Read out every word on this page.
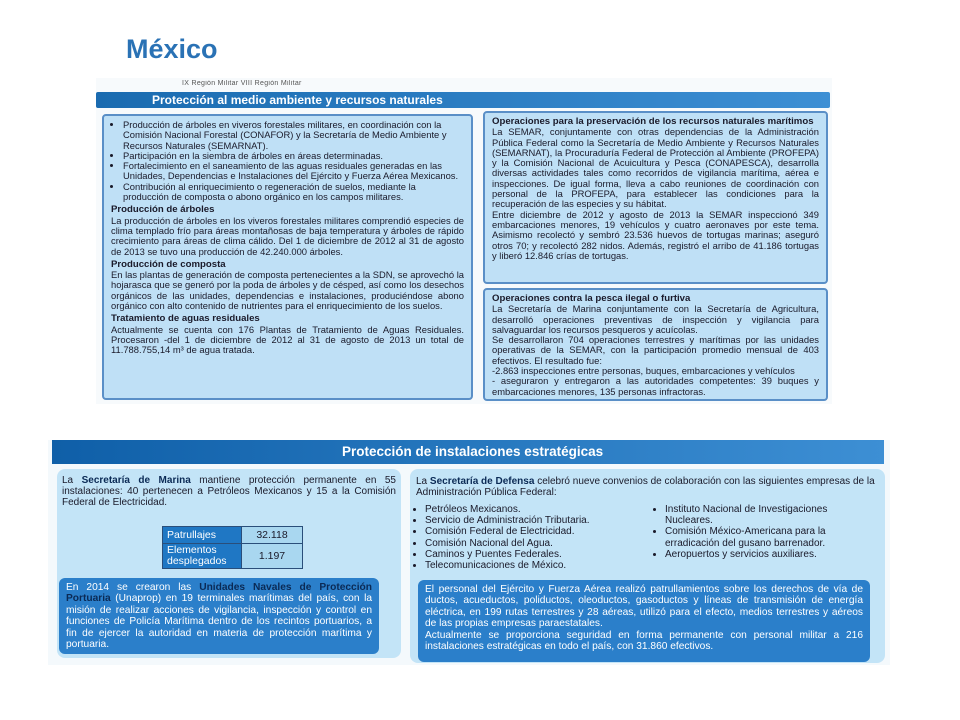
México
IX Región Militar VIII Región Militar
Protección al medio ambiente y recursos naturales
• Producción de árboles en viveros forestales militares, en coordinación con la Comisión Nacional Forestal (CONAFOR) y la Secretaría de Medio Ambiente y Recursos Naturales (SEMARNAT).
• Participación en la siembra de árboles en áreas determinadas.
• Fortalecimiento en el saneamiento de las aguas residuales generadas en las Unidades, Dependencias e Instalaciones del Ejército y Fuerza Aérea Mexicanos.
• Contribución al enriquecimiento o regeneración de suelos, mediante la producción de composta o abono orgánico en los campos militares.
Producción de árboles

La producción de árboles en los viveros forestales militares comprendió especies de clima templado frío para áreas montañosas de baja temperatura y árboles de rápido crecimiento para áreas de clima cálido. Del 1 de diciembre de 2012 al 31 de agosto de 2013 se tuvo una producción de 42.240.000 árboles.

Producción de composta

En las plantas de generación de composta pertenecientes a la SDN, se aprovechó la hojarasca que se generó por la poda de árboles y de césped, así como los desechos orgánicos de las unidades, dependencias e instalaciones, produciéndose abono orgánico con alto contenido de nutrientes para el enriquecimiento de los suelos.

Tratamiento de aguas residuales

Actualmente se cuenta con 176 Plantas de Tratamiento de Aguas Residuales. Procesaron -del 1 de diciembre de 2012 al 31 de agosto de 2013 un total de 11.788.755,14 m³ de agua tratada.

Operaciones para la preservación de los recursos naturales marítimos

La SEMAR, conjuntamente con otras dependencias de la Administración Pública Federal como la Secretaría de Medio Ambiente y Recursos Naturales (SEMARNAT), la Procuraduría Federal de Protección al Ambiente (PROFEPA) y la Comisión Nacional de Acuicultura y Pesca (CONAPESCA), desarrolla diversas actividades tales como recorridos de vigilancia marítima, aérea e inspecciones. De igual forma, lleva a cabo reuniones de coordinación con personal de la PROFEPA, para establecer las condiciones para la recuperación de las especies y su hábitat.

Entre diciembre de 2012 y agosto de 2013 la SEMAR inspeccionó 349 embarcaciones menores, 19 vehículos y cuatro aeronaves por este tema. Asimismo recolectó y sembró 23.536 huevos de tortugas marinas; aseguró otros 70; y recolectó 282 nidos. Además, registró el arribo de 41.186 tortugas y liberó 12.846 crías de tortugas.

Operaciones contra la pesca ilegal o furtiva

La Secretaría de Marina conjuntamente con la Secretaría de Agricultura, desarrolló operaciones preventivas de inspección y vigilancia para salvaguardar los recursos pesqueros y acuícolas.

Se desarrollaron 704 operaciones terrestres y marítimas por las unidades operativas de la SEMAR, con la participación promedio mensual de 403 efectivos. El resultado fue:

-2.863 inspecciones entre personas, buques, embarcaciones y vehículos

- aseguraron y entregaron a las autoridades competentes: 39 buques y embarcaciones menores, 135 personas infractoras.

Protección de instalaciones estratégicas

La Secretaría de Marina mantiene protección permanente en 55 instalaciones: 40 pertenecen a Petróleos Mexicanos y 15 a la Comisión Federal de Electricidad.

Patrullajes	32.118
Elementos desplegados	1.197

En 2014 se crearon las Unidades Navales de Protección Portuaria (Unaprop) en 19 terminales marítimas del país, con la misión de realizar acciones de vigilancia, inspección y control en funciones de Policía Marítima dentro de los recintos portuarios, a fin de ejercer la autoridad en materia de protección marítima y portuaria.

La Secretaría de Defensa celebró nueve convenios de colaboración con las siguientes empresas de la Administración Pública Federal:

• Petróleos Mexicanos.
• Servicio de Administración Tributaria.
• Comisión Federal de Electricidad.
• Comisión Nacional del Agua.
• Caminos y Puentes Federales.
• Telecomunicaciones de México.
• Instituto Nacional de Investigaciones Nucleares.
• Comisión México-Americana para la erradicación del gusano barrenador.
• Aeropuertos y servicios auxiliares.

El personal del Ejército y Fuerza Aérea realizó patrullamientos sobre los derechos de vía de ductos, acueductos, poliductos, oleoductos, gasoductos y líneas de transmisión de energía eléctrica, en 199 rutas terrestres y 28 aéreas, utilizó para el efecto, medios terrestres y aéreos de las propias empresas paraestatales.

Actualmente se proporciona seguridad en forma permanente con personal militar a 216 instalaciones estratégicas en todo el país, con 31.860 efectivos.
